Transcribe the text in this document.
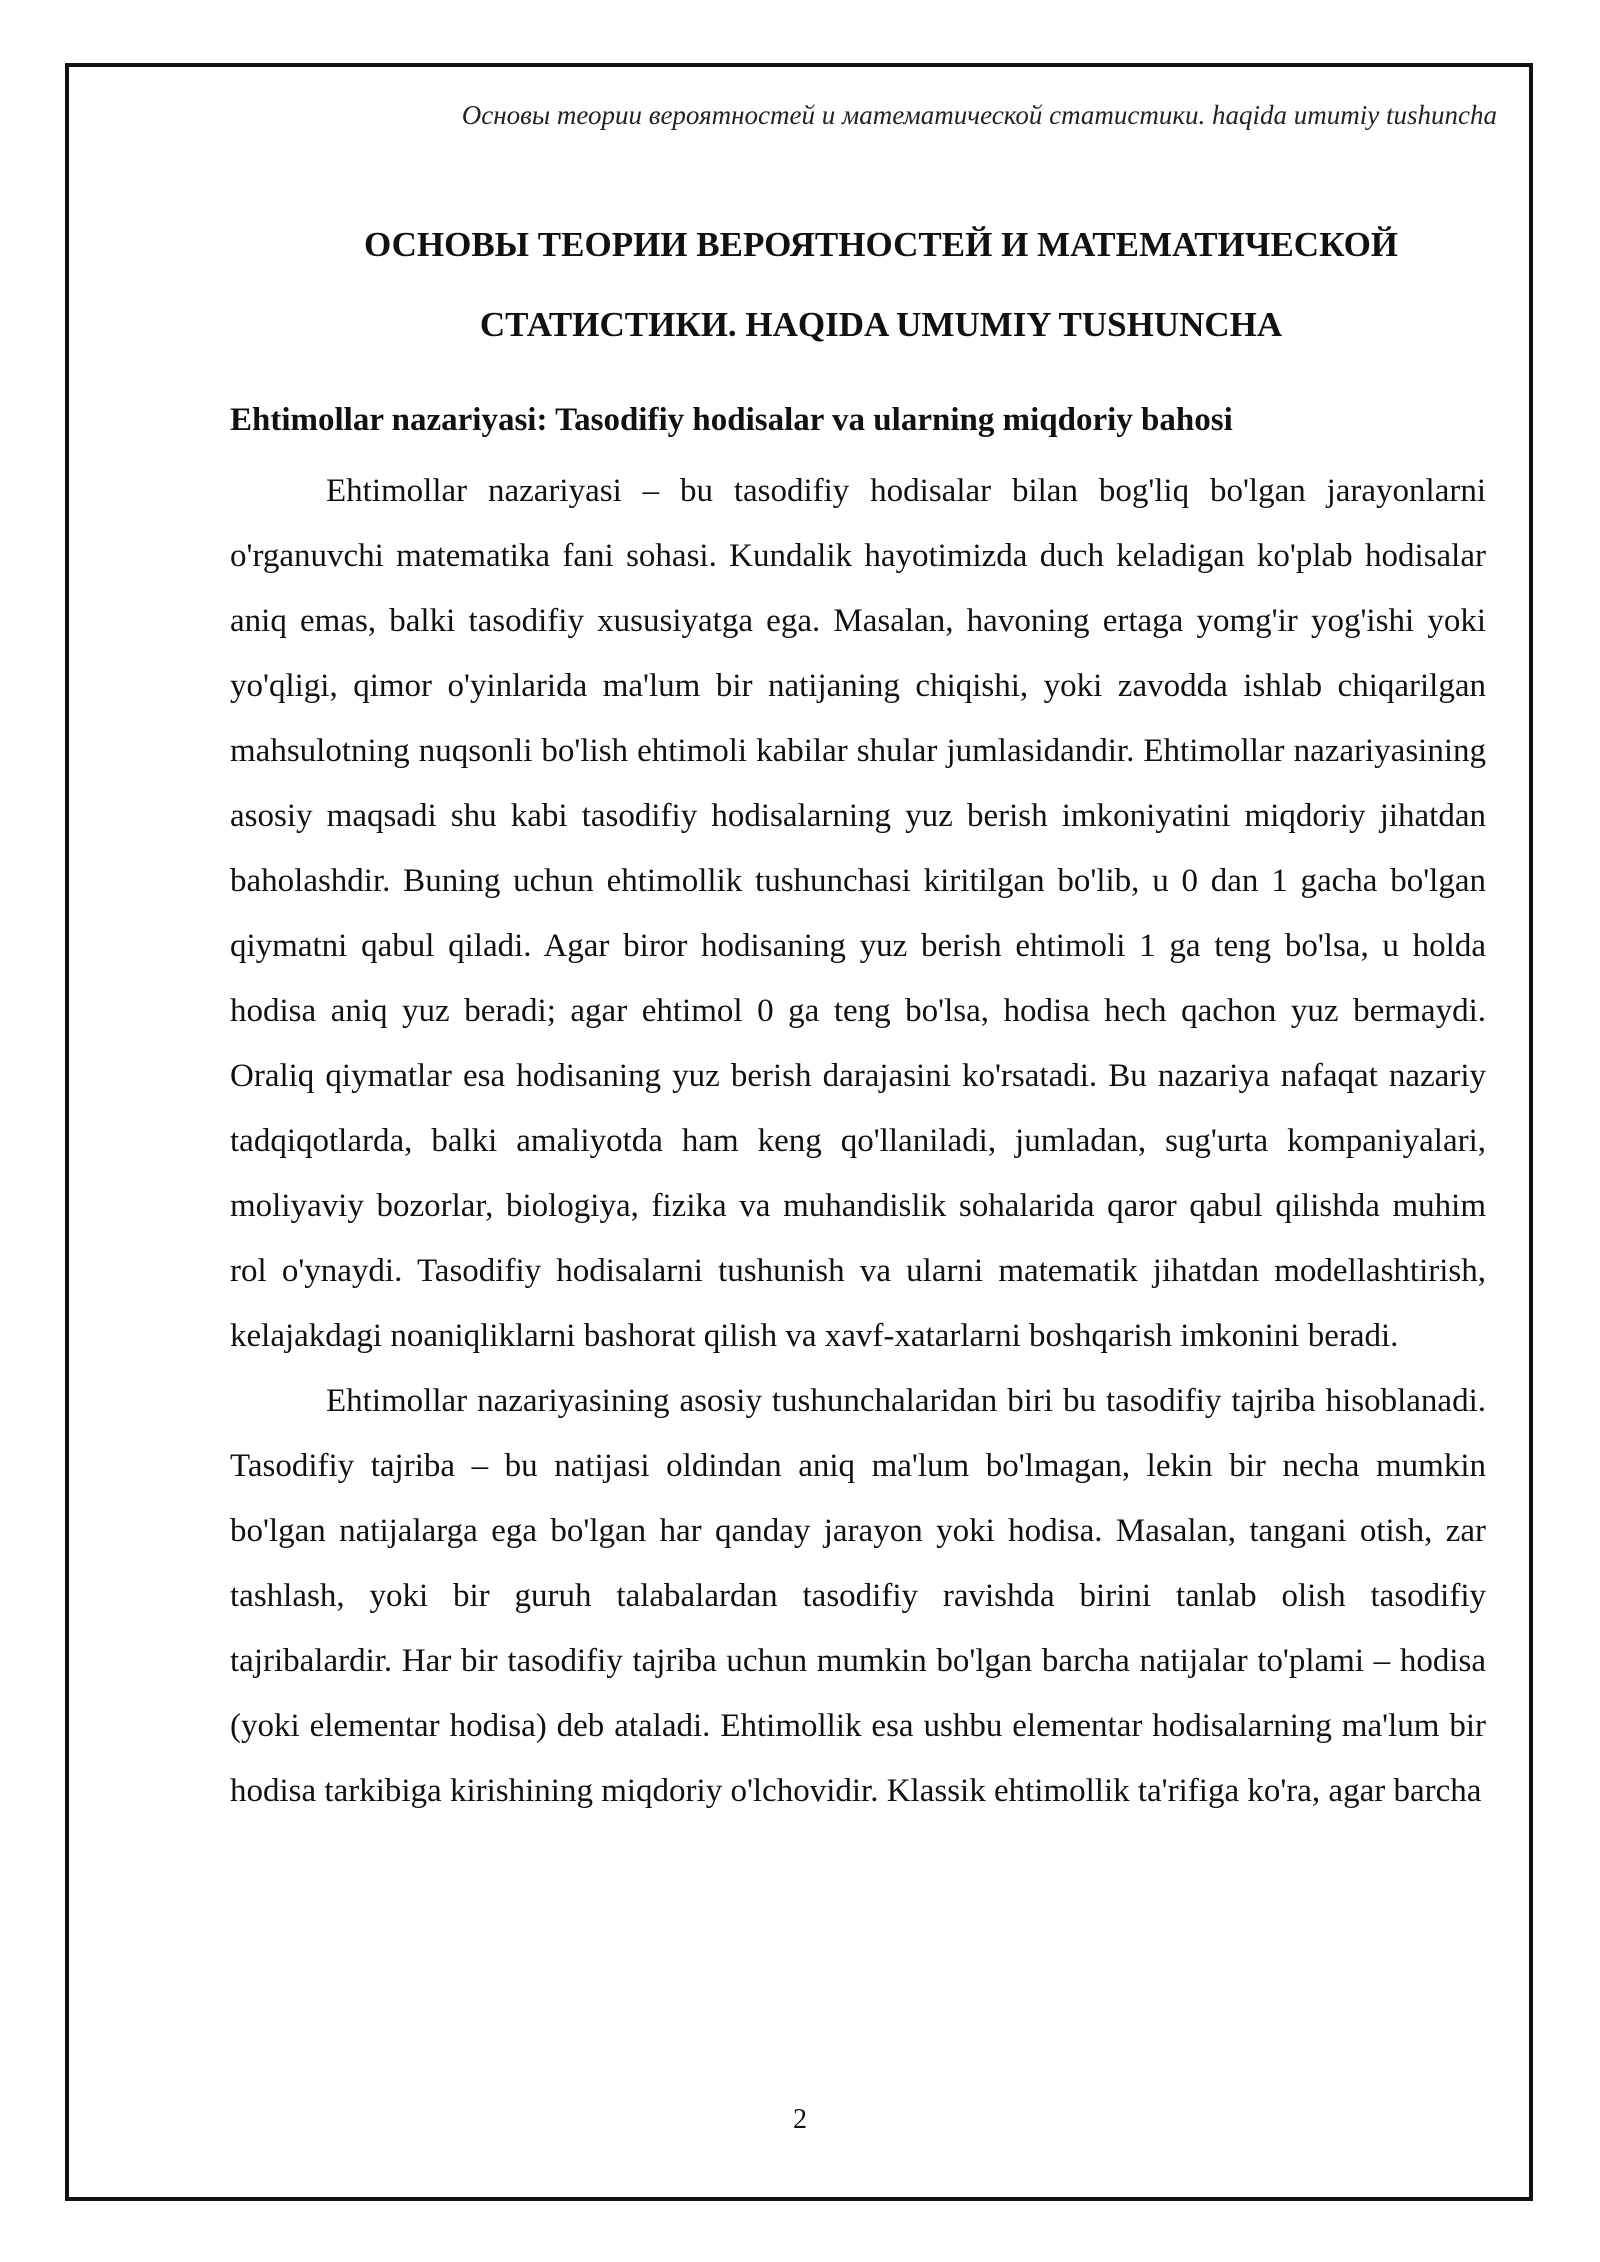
Основы теории вероятностей и математической статистики. haqida umumiy tushuncha
ОСНОВЫ ТЕОРИИ ВЕРОЯТНОСТЕЙ И МАТЕМАТИЧЕСКОЙ
СТАТИСТИКИ. HAQIDA UMUMIY TUSHUNCHA
Ehtimollar nazariyasi: Tasodifiy hodisalar va ularning miqdoriy bahosi

Ehtimollar nazariyasi – bu tasodifiy hodisalar bilan bog'liq bo'lgan jarayonlarni o'rganuvchi matematika fani sohasi. Kundalik hayotimizda duch keladigan ko'plab hodisalar aniq emas, balki tasodifiy xususiyatga ega. Masalan, havoning ertaga yomg'ir yog'ishi yoki yo'qligi, qimor o'yinlarida ma'lum bir natijaning chiqishi, yoki zavodda ishlab chiqarilgan mahsulotning nuqsonli bo'lish ehtimoli kabilar shular jumlasidandir. Ehtimollar nazariyasining asosiy maqsadi shu kabi tasodifiy hodisalarning yuz berish imkoniyatini miqdoriy jihatdan baholashdir. Buning uchun ehtimollik tushunchasi kiritilgan bo'lib, u 0 dan 1 gacha bo'lgan qiymatni qabul qiladi. Agar biror hodisaning yuz berish ehtimoli 1 ga teng bo'lsa, u holda hodisa aniq yuz beradi; agar ehtimol 0 ga teng bo'lsa, hodisa hech qachon yuz bermaydi. Oraliq qiymatlar esa hodisaning yuz berish darajasini ko'rsatadi. Bu nazariya nafaqat nazariy tadqiqotlarda, balki amaliyotda ham keng qo'llaniladi, jumladan, sug'urta kompaniyalari, moliyaviy bozorlar, biologiya, fizika va muhandislik sohalarida qaror qabul qilishda muhim rol o'ynaydi. Tasodifiy hodisalarni tushunish va ularni matematik jihatdan modellashtirish, kelajakdagi noaniqliklarni bashorat qilish va xavf-xatarlarni boshqarish imkonini beradi.

Ehtimollar nazariyasining asosiy tushunchalaridan biri bu tasodifiy tajriba hisoblanadi. Tasodifiy tajriba – bu natijasi oldindan aniq ma'lum bo'lmagan, lekin bir necha mumkin bo'lgan natijalarga ega bo'lgan har qanday jarayon yoki hodisa. Masalan, tangani otish, zar tashlash, yoki bir guruh talabalardan tasodifiy ravishda birini tanlab olish tasodifiy tajribalardir. Har bir tasodifiy tajriba uchun mumkin bo'lgan barcha natijalar to'plami – hodisa (yoki elementar hodisa) deb ataladi. Ehtimollik esa ushbu elementar hodisalarning ma'lum bir hodisa tarkibiga kirishining miqdoriy o'lchovidir. Klassik ehtimollik ta'rifiga ko'ra, agar barcha

2
